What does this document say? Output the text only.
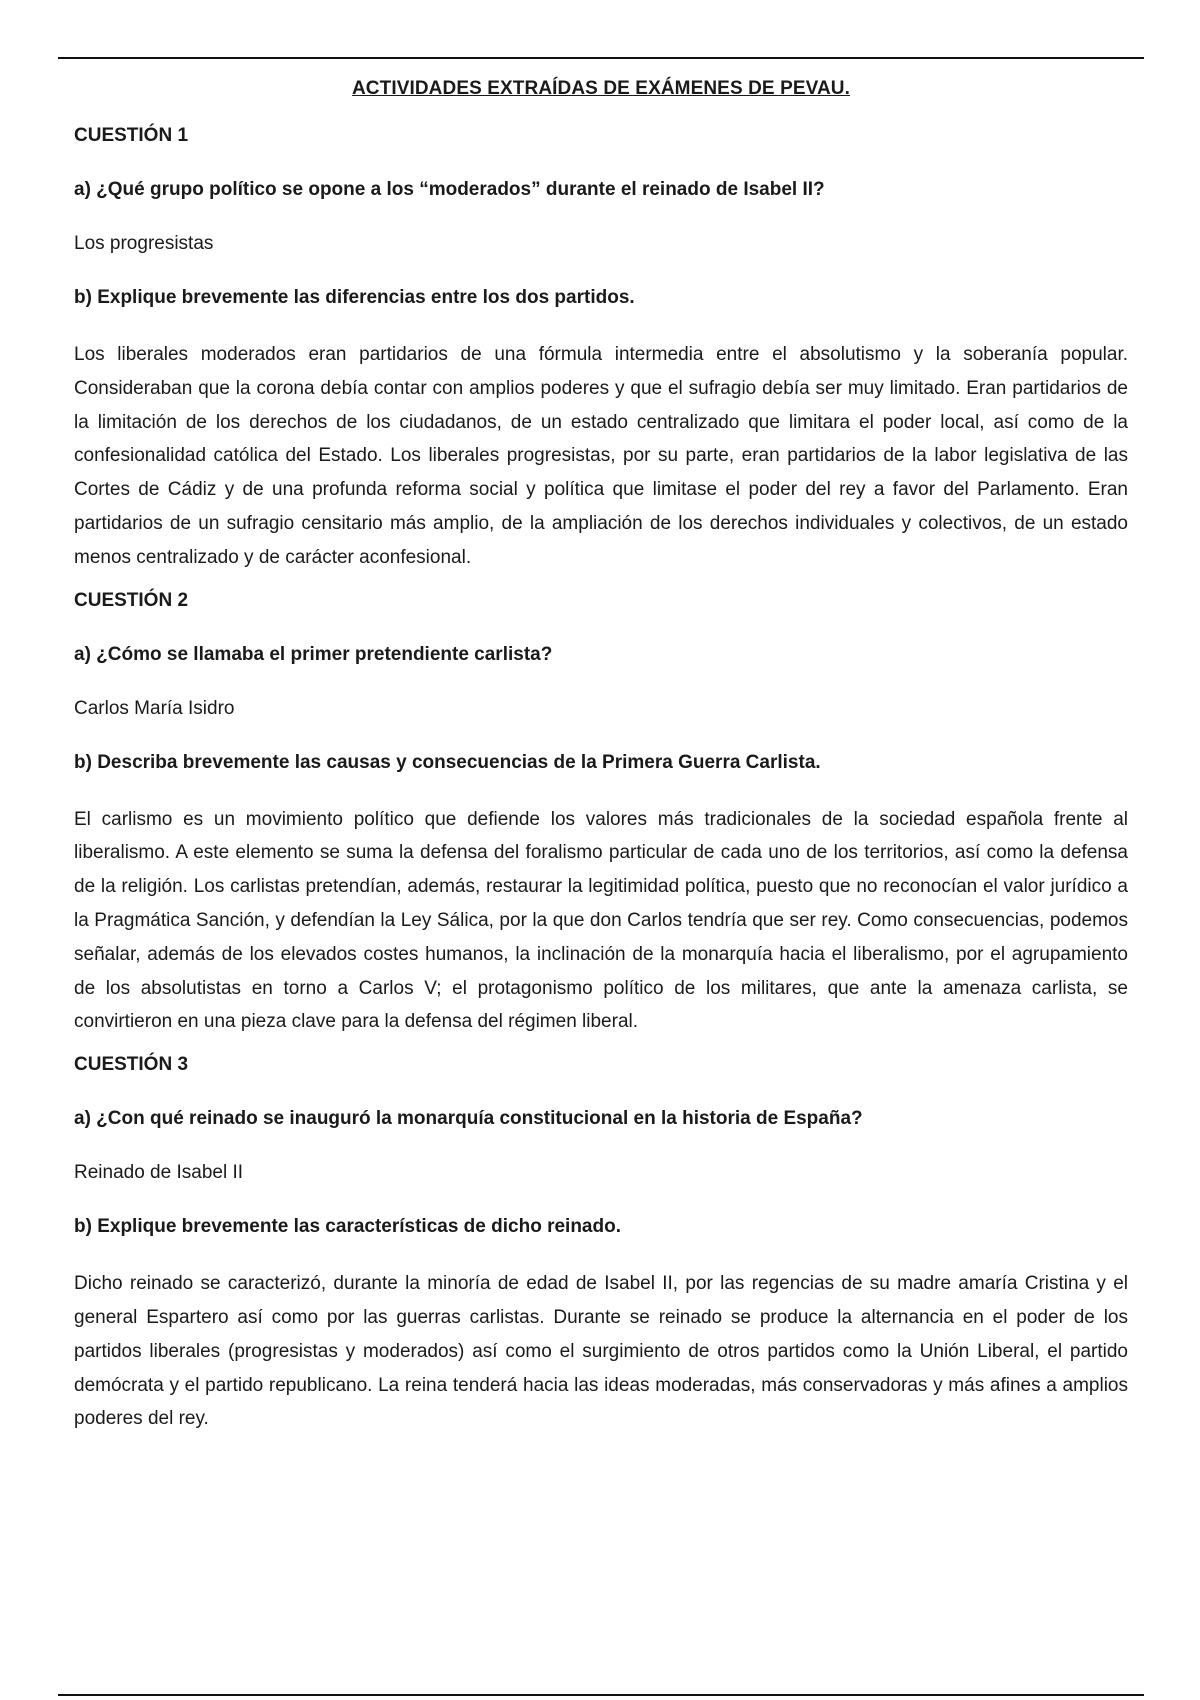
ACTIVIDADES EXTRAÍDAS DE EXÁMENES DE PEVAU.
CUESTIÓN 1
a) ¿Qué grupo político se opone a los “moderados” durante el reinado de Isabel II?
Los progresistas
b) Explique brevemente las diferencias entre los dos partidos.
Los liberales moderados eran partidarios de una fórmula intermedia entre el absolutismo y la soberanía popular. Consideraban que la corona debía contar con amplios poderes y que el sufragio debía ser muy limitado. Eran partidarios de la limitación de los derechos de los ciudadanos, de un estado centralizado que limitara el poder local, así como de la confesionalidad católica del Estado. Los liberales progresistas, por su parte, eran partidarios de la labor legislativa de las Cortes de Cádiz y de una profunda reforma social y política que limitase el poder del rey a favor del Parlamento. Eran partidarios de un sufragio censitario más amplio, de la ampliación de los derechos individuales y colectivos, de un estado menos centralizado y de carácter aconfesional.
CUESTIÓN 2
a) ¿Cómo se llamaba el primer pretendiente carlista?
Carlos María Isidro
b) Describa brevemente las causas y consecuencias de la Primera Guerra Carlista.
El carlismo es un movimiento político que defiende los valores más tradicionales de la sociedad española frente al liberalismo. A este elemento se suma la defensa del foralismo particular de cada uno de los territorios, así como la defensa de la religión. Los carlistas pretendían, además, restaurar la legitimidad política, puesto que no reconocían el valor jurídico a la Pragmática Sanción, y defendían la Ley Sálica, por la que don Carlos tendría que ser rey. Como consecuencias, podemos señalar, además de los elevados costes humanos, la inclinación de la monarquía hacia el liberalismo, por el agrupamiento de los absolutistas en torno a Carlos V; el protagonismo político de los militares, que ante la amenaza carlista, se convirtieron en una pieza clave para la defensa del régimen liberal.
CUESTIÓN 3
a) ¿Con qué reinado se inauguró la monarquía constitucional en la historia de España?
Reinado de Isabel II
b) Explique brevemente las características de dicho reinado.
Dicho reinado se caracterizó, durante la minoría de edad de Isabel II, por las regencias de su madre amaría Cristina y el general Espartero así como por las guerras carlistas. Durante se reinado se produce la alternancia en el poder de los partidos liberales (progresistas y moderados) así como el surgimiento de otros partidos como la Unión Liberal, el partido demócrata y el partido republicano. La reina tenderá hacia las ideas moderadas, más conservadoras y más afines a amplios poderes del rey.
